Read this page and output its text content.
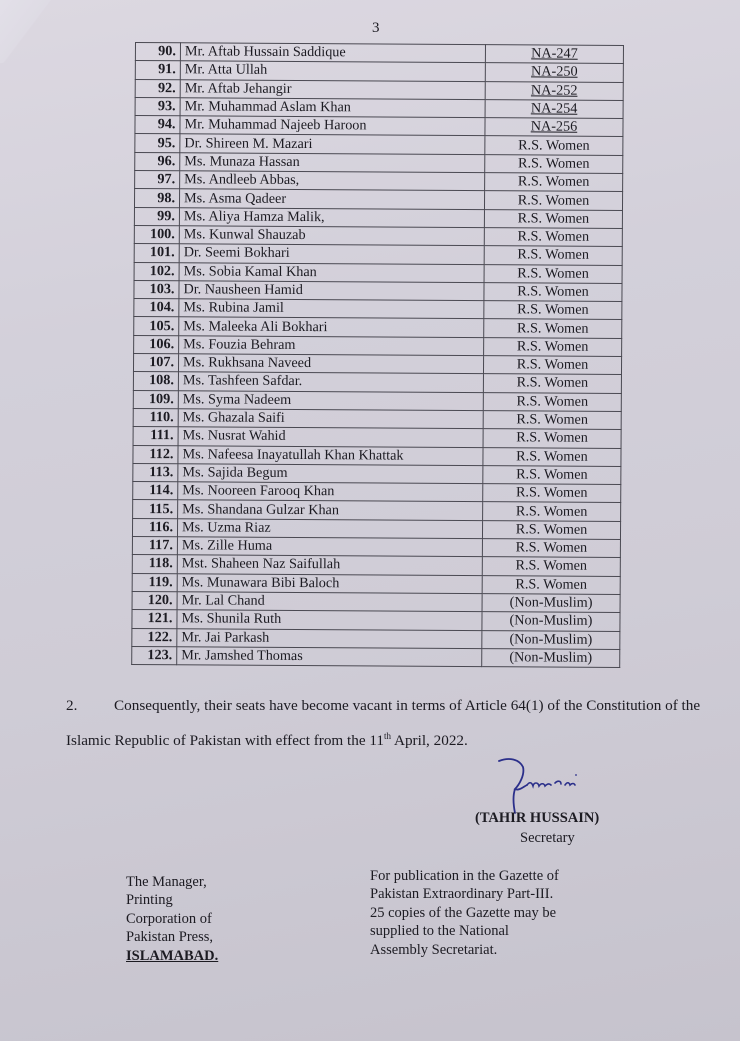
3
90.	Mr. Aftab Hussain Saddique	NA-247
91.	Mr. Atta Ullah	NA-250
92.	Mr. Aftab Jehangir	NA-252
93.	Mr. Muhammad Aslam Khan	NA-254
94.	Mr. Muhammad Najeeb Haroon	NA-256
95.	Dr. Shireen M. Mazari	R.S. Women
96.	Ms. Munaza Hassan	R.S. Women
97.	Ms. Andleeb Abbas,	R.S. Women
98.	Ms. Asma Qadeer	R.S. Women
99.	Ms. Aliya Hamza Malik,	R.S. Women
100.	Ms. Kunwal Shauzab	R.S. Women
101.	Dr. Seemi Bokhari	R.S. Women
102.	Ms. Sobia Kamal Khan	R.S. Women
103.	Dr. Nausheen Hamid	R.S. Women
104.	Ms. Rubina Jamil	R.S. Women
105.	Ms. Maleeka Ali Bokhari	R.S. Women
106.	Ms. Fouzia Behram	R.S. Women
107.	Ms. Rukhsana Naveed	R.S. Women
108.	Ms. Tashfeen Safdar.	R.S. Women
109.	Ms. Syma Nadeem	R.S. Women
110.	Ms. Ghazala Saifi	R.S. Women
111.	Ms. Nusrat Wahid	R.S. Women
112.	Ms. Nafeesa Inayatullah Khan Khattak	R.S. Women
113.	Ms. Sajida Begum	R.S. Women
114.	Ms. Nooreen Farooq Khan	R.S. Women
115.	Ms. Shandana Gulzar Khan	R.S. Women
116.	Ms. Uzma Riaz	R.S. Women
117.	Ms. Zille Huma	R.S. Women
118.	Mst. Shaheen Naz Saifullah	R.S. Women
119.	Ms. Munawara Bibi Baloch	R.S. Women
120.	Mr. Lal Chand	(Non-Muslim)
121.	Ms. Shunila Ruth	(Non-Muslim)
122.	Mr. Jai Parkash	(Non-Muslim)
123.	Mr. Jamshed Thomas	(Non-Muslim)
2. Consequently, their seats have become vacant in terms of Article 64(1) of the Constitution of the Islamic Republic of Pakistan with effect from the 11th April, 2022.
(TAHIR HUSSAIN)
Secretary
The Manager,
Printing
Corporation of
Pakistan Press,
ISLAMABAD.
For publication in the Gazette of
Pakistan Extraordinary Part-III.
25 copies of the Gazette may be
supplied to the National
Assembly Secretariat.
